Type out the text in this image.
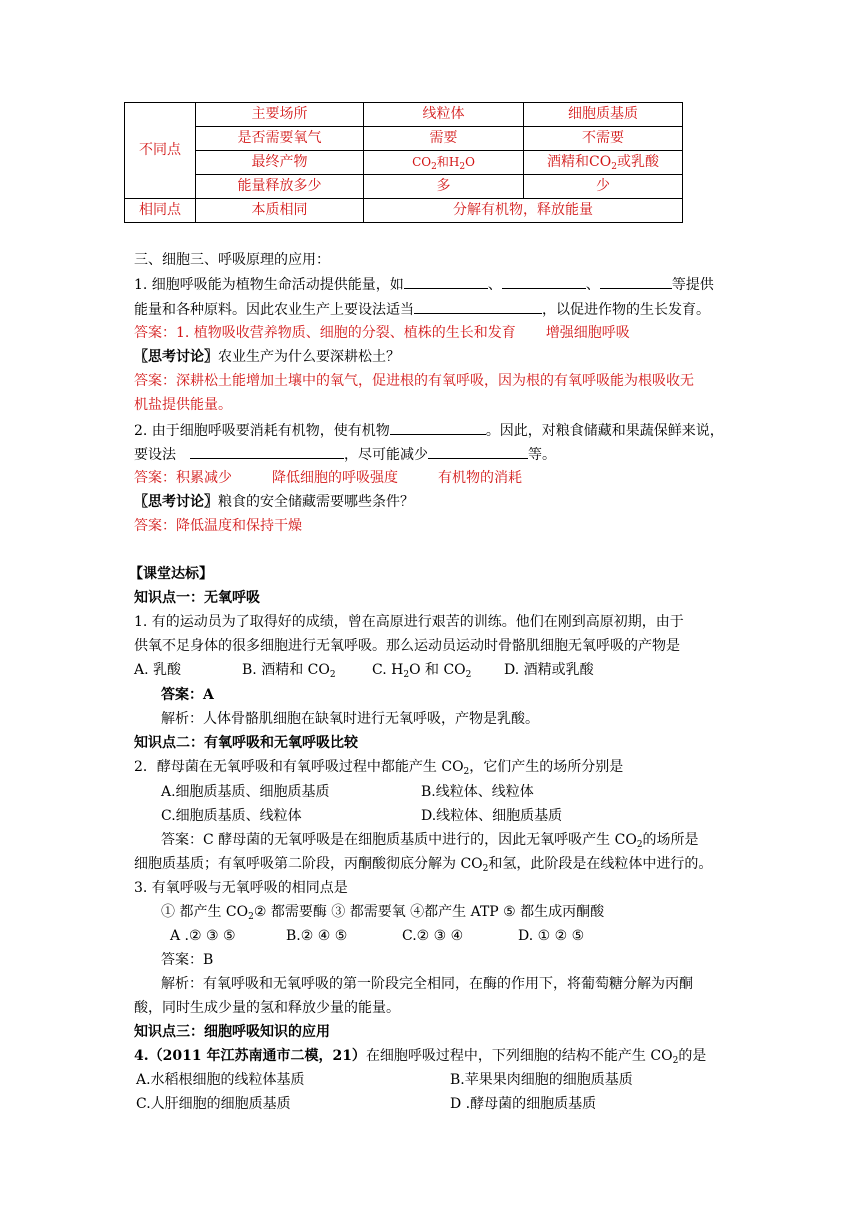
不同点	主要场所	线粒体	细胞质基质
	是否需要氧气	需要	不需要
	最终产物	$CO_2$和$H_2O$	酒精和$CO_2$或乳酸
	能量释放多少	多	少
相同点	本质相同	分解有机物，释放能量	
三、细胞三、呼吸原理的应用：
1. 细胞呼吸能为植物生命活动提供能量，如	、	、	等提供
能量和各种原料。因此农业生产上要设法适当	，以促进作物的生长发育。
答案：1. 植物吸收营养物质、细胞的分裂、植株的生长和发育 增强细胞呼吸
〖思考讨论〗农业生产为什么要深耕松土？
答案：深耕松土能增加土壤中的氧气，促进根的有氧呼吸，因为根的有氧呼吸能为根吸收无
机盐提供能量。
2. 由于细胞呼吸要消耗有机物，使有机物	。因此，对粮食储藏和果蔬保鲜来说，
要设法	，尽可能减少	等。
答案：积累减少	降低细胞的呼吸强度	有机物的消耗
〖思考讨论〗粮食的安全储藏需要哪些条件？
答案：降低温度和保持干燥
【课堂达标】
知识点一：无氧呼吸
1. 有的运动员为了取得好的成绩，曾在高原进行艰苦的训练。他们在刚到高原初期，由于
供氧不足身体的很多细胞进行无氧呼吸。那么运动员运动时骨骼肌细胞无氧呼吸的产物是
A. 乳酸	B. 酒精和 $CO_2$	C. $H_2O$ 和 $CO_2$ D. 酒精或乳酸
答案：A
解析：人体骨骼肌细胞在缺氧时进行无氧呼吸，产物是乳酸。
知识点二：有氧呼吸和无氧呼吸比较
2．酵母菌在无氧呼吸和有氧呼吸过程中都能产生 $CO_2$，它们产生的场所分别是
A.细胞质基质、细胞质基质	B.线粒体、线粒体
C.细胞质基质、线粒体	D.线粒体、细胞质基质
答案：C 酵母菌的无氧呼吸是在细胞质基质中进行的，因此无氧呼吸产生 $CO_2$的场所是
细胞质基质；有氧呼吸第二阶段，丙酮酸彻底分解为 $CO_2$和氢，此阶段是在线粒体中进行的。
3. 有氧呼吸与无氧呼吸的相同点是
① 都产生 $CO_2②$ 都需要酶 ③ 都需要氧 ④都产生 ATP ⑤ 都生成丙酮酸
A .② ③ ⑤	B.② ④ ⑤	C.② ③ ④	D. ① ② ⑤
答案：B
解析：有氧呼吸和无氧呼吸的第一阶段完全相同，在酶的作用下，将葡萄糖分解为丙酮
酸，同时生成少量的氢和释放少量的能量。
知识点三：细胞呼吸知识的应用
4.（2011 年江苏南通市二模，21）在细胞呼吸过程中，下列细胞的结构不能产生 $CO_2$的是
A.水稻根细胞的线粒体基质	B.苹果果肉细胞的细胞质基质
C.人肝细胞的细胞质基质	D .酵母菌的细胞质基质
